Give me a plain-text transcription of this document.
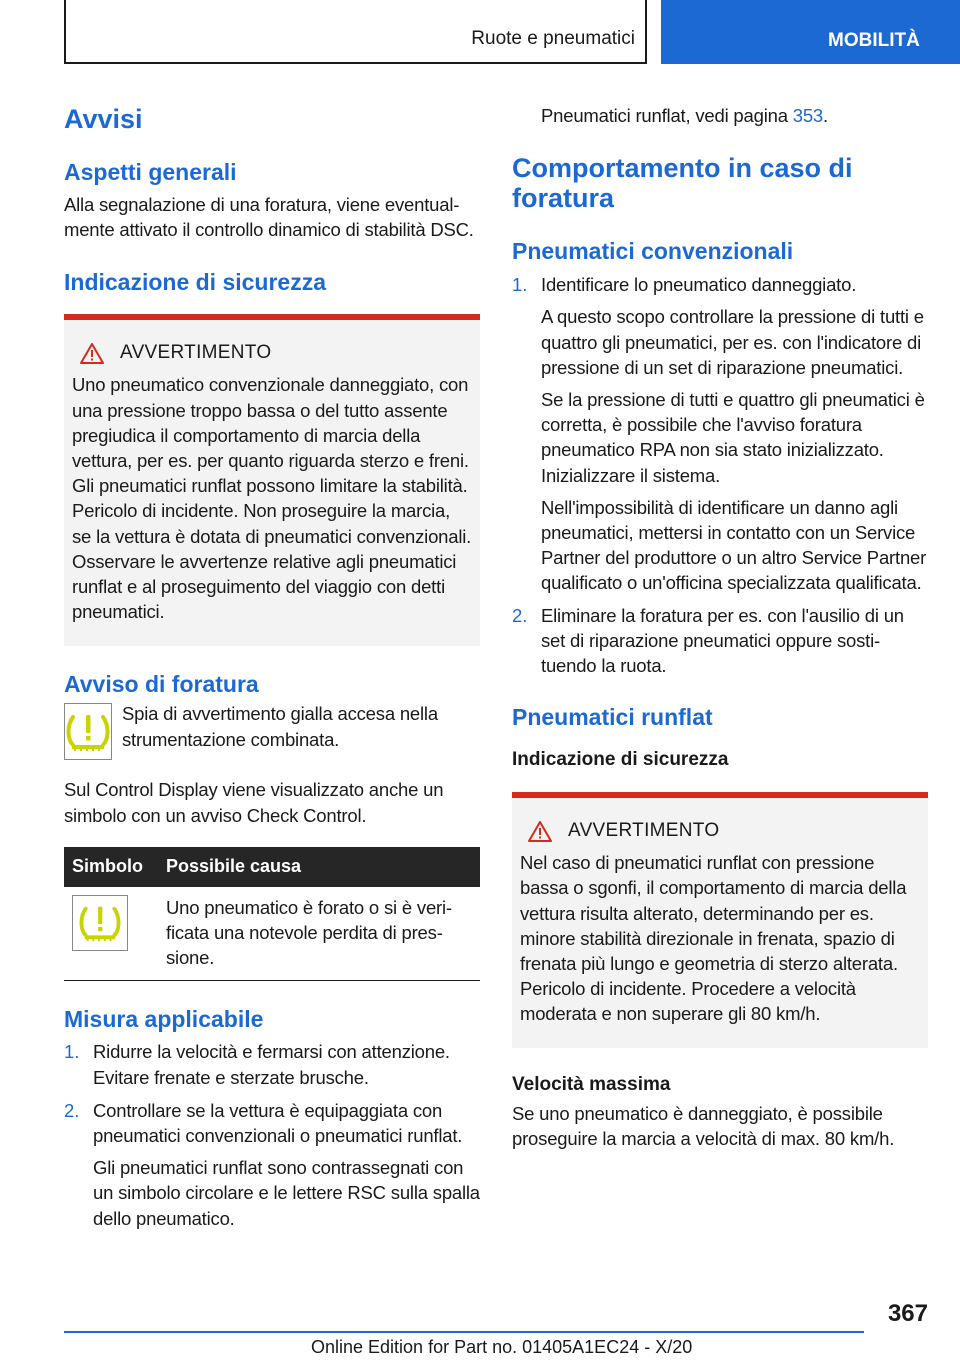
Ruote e pneumatici	MOBILITÀ
Avvisi
Aspetti generali

Alla segnalazione di una foratura, viene eventualmente attivato il controllo dinamico di stabilità DSC.

Indicazione di sicurezza
AVVERTIMENTO

Uno pneumatico convenzionale danneggiato, con una pressione troppo bassa o del tutto assente pregiudica il comportamento di marcia della vettura, per es. per quanto riguarda sterzo e freni. Gli pneumatici runflat possono limitare la stabilità. Pericolo di incidente. Non proseguire la marcia, se la vettura è dotata di pneumatici convenzionali. Osservare le avvertenze relative agli pneumatici runflat e al proseguimento del viaggio con detti pneumatici.

Avviso di foratura
Spia di avvertimento gialla accesa nella strumentazione combinata.

Sul Control Display viene visualizzato anche un simbolo con un avviso Check Control.

Simbolo	Possibile causa

	Uno pneumatico è forato o si è verificata una notevole perdita di pressione.
Misura applicabile
1. Ridurre la velocità e fermarsi con attenzione. Evitare frenate e sterzate brusche.
2. Controllare se la vettura è equipaggiata con pneumatici convenzionali o pneumatici runflat.
Gli pneumatici runflat sono contrassegnati con un simbolo circolare e le lettere RSC sulla spalla dello pneumatico.

Pneumatici runflat, vedi pagina 353.

Comportamento in caso di foratura
Pneumatici convenzionali
1. Identificare lo pneumatico danneggiato.
A questo scopo controllare la pressione di tutti e quattro gli pneumatici, per es. con l'indicatore di pressione di un set di riparazione pneumatici.
Se la pressione di tutti e quattro gli pneumatici è corretta, è possibile che l'avviso foratura pneumatico RPA non sia stato inizializzato. Inizializzare il sistema.
Nell'impossibilità di identificare un danno agli pneumatici, mettersi in contatto con un Service Partner del produttore o un altro Service Partner qualificato o un'officina specializzata qualificata.
2. Eliminare la foratura per es. con l'ausilio di un set di riparazione pneumatici oppure sostituendo la ruota.
Pneumatici runflat
Indicazione di sicurezza
AVVERTIMENTO

Nel caso di pneumatici runflat con pressione bassa o sgonfi, il comportamento di marcia della vettura risulta alterato, determinando per es. minore stabilità direzionale in frenata, spazio di frenata più lungo e geometria di sterzo alterata. Pericolo di incidente. Procedere a velocità moderata e non superare gli 80 km/h.

Velocità massima

Se uno pneumatico è danneggiato, è possibile proseguire la marcia a velocità di max. 80 km/h.

367
Online Edition for Part no. 01405A1EC24 - X/20
